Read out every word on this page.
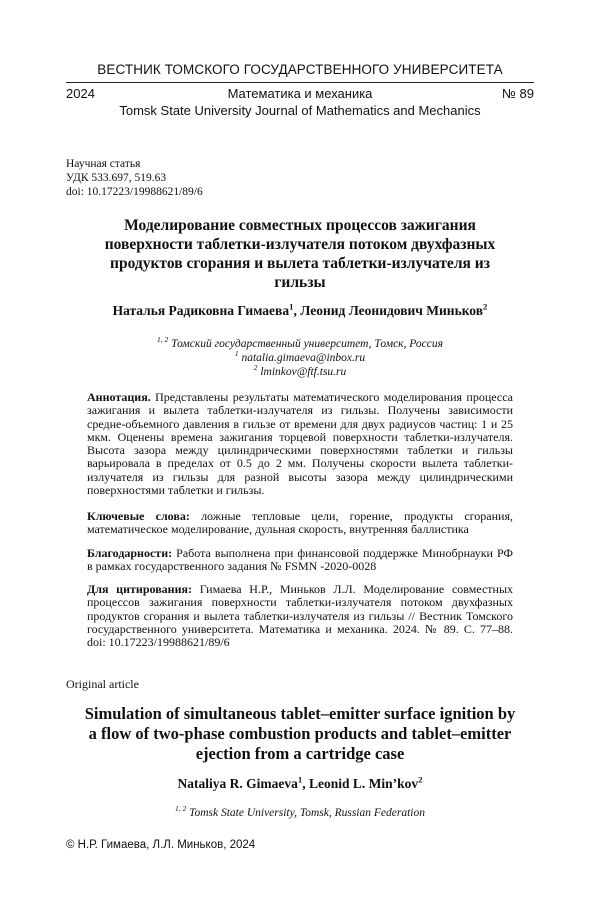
ВЕСТНИК ТОМСКОГО ГОСУДАРСТВЕННОГО УНИВЕРСИТЕТА
2024	Математика и механика	№ 89
Tomsk State University Journal of Mathematics and Mechanics
Научная статья
УДК 533.697, 519.63
doi: 10.17223/19988621/89/6
Моделирование совместных процессов зажигания поверхности таблетки-излучателя потоком двухфазных продуктов сгорания и вылета таблетки-излучателя из гильзы
Наталья Радиковна Гимаева$^1$, Леонид Леонидович Миньков$^2$
$^{1, 2}$ Томский государственный университет, Томск, Россия
$^1$ natalia.gimaeva@inbox.ru
$^2$ lminkov@ftf.tsu.ru
Аннотация. Представлены результаты математического моделирования процесса зажигания и вылета таблетки-излучателя из гильзы. Получены зависимости средне-объемного давления в гильзе от времени для двух радиусов частиц: 1 и 25 мкм. Оценены времена зажигания торцевой поверхности таблетки-излучателя. Высота зазора между цилиндрическими поверхностями таблетки и гильзы варьировала в пределах от 0.5 до 2 мм. Получены скорости вылета таблетки-излучателя из гильзы для разной высоты зазора между цилиндрическими поверхностями таблетки и гильзы.
Ключевые слова: ложные тепловые цели, горение, продукты сгорания, математическое моделирование, дульная скорость, внутренняя баллистика
Благодарности: Работа выполнена при финансовой поддержке Минобрнауки РФ в рамках государственного задания № FSMN -2020-0028
Для цитирования: Гимаева Н.Р., Миньков Л.Л. Моделирование совместных процессов зажигания поверхности таблетки-излучателя потоком двухфазных продуктов сгорания и вылета таблетки-излучателя из гильзы // Вестник Томского государственного университета. Математика и механика. 2024. № 89. С. 77–88. doi: 10.17223/19988621/89/6
Original article
Simulation of simultaneous tablet–emitter surface ignition by a flow of two-phase combustion products and tablet–emitter ejection from a cartridge case
Nataliya R. Gimaeva$^1$, Leonid L. Min’kov$^2$
$^{1, 2}$ Tomsk State University, Tomsk, Russian Federation
© Н.Р. Гимаева, Л.Л. Миньков, 2024
